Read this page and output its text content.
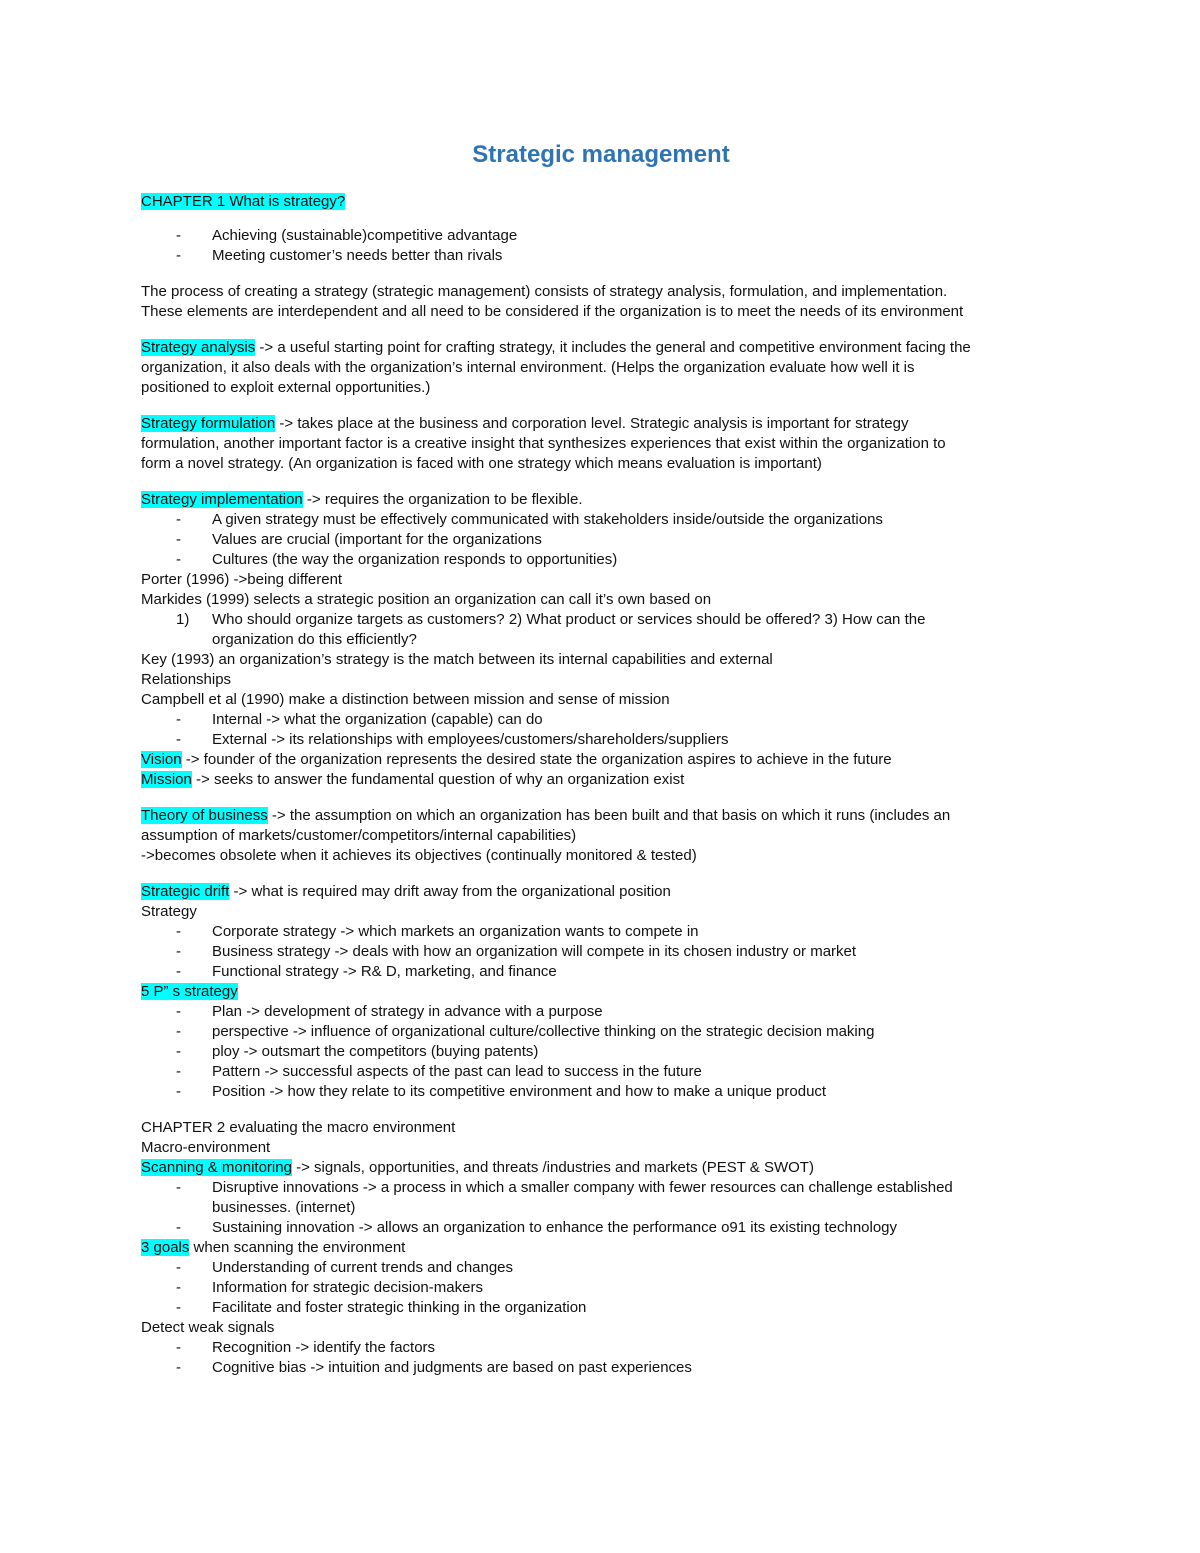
Strategic management
CHAPTER 1 What is strategy?
- Achieving (sustainable)competitive advantage
- Meeting customer’s needs better than rivals
The process of creating a strategy (strategic management) consists of strategy analysis, formulation, and implementation.
These elements are interdependent and all need to be considered if the organization is to meet the needs of its environment
Strategy analysis -> a useful starting point for crafting strategy, it includes the general and competitive environment facing the
organization, it also deals with the organization’s internal environment. (Helps the organization evaluate how well it is
positioned to exploit external opportunities.)
Strategy formulation -> takes place at the business and corporation level. Strategic analysis is important for strategy
formulation, another important factor is a creative insight that synthesizes experiences that exist within the organization to
form a novel strategy. (An organization is faced with one strategy which means evaluation is important)
Strategy implementation -> requires the organization to be flexible.
- A given strategy must be effectively communicated with stakeholders inside/outside the organizations
- Values are crucial (important for the organizations
- Cultures (the way the organization responds to opportunities)
Porter (1996) ->being different
Markides (1999) selects a strategic position an organization can call it’s own based on
1) Who should organize targets as customers? 2) What product or services should be offered? 3) How can the
organization do this efficiently?
Key (1993) an organization’s strategy is the match between its internal capabilities and external
Relationships
Campbell et al (1990) make a distinction between mission and sense of mission
- Internal -> what the organization (capable) can do
- External -> its relationships with employees/customers/shareholders/suppliers
Vision -> founder of the organization represents the desired state the organization aspires to achieve in the future
Mission -> seeks to answer the fundamental question of why an organization exist
Theory of business -> the assumption on which an organization has been built and that basis on which it runs (includes an
assumption of markets/customer/competitors/internal capabilities)
->becomes obsolete when it achieves its objectives (continually monitored & tested)
Strategic drift -> what is required may drift away from the organizational position
Strategy
- Corporate strategy -> which markets an organization wants to compete in
- Business strategy -> deals with how an organization will compete in its chosen industry or market
- Functional strategy -> R& D, marketing, and finance
5 P” s strategy
- Plan -> development of strategy in advance with a purpose
- perspective -> influence of organizational culture/collective thinking on the strategic decision making
- ploy -> outsmart the competitors (buying patents)
- Pattern -> successful aspects of the past can lead to success in the future
- Position -> how they relate to its competitive environment and how to make a unique product
CHAPTER 2 evaluating the macro environment
Macro-environment
Scanning & monitoring -> signals, opportunities, and threats /industries and markets (PEST & SWOT)
- Disruptive innovations -> a process in which a smaller company with fewer resources can challenge established
businesses. (internet)
- Sustaining innovation -> allows an organization to enhance the performance o91 its existing technology
3 goals when scanning the environment
- Understanding of current trends and changes
- Information for strategic decision-makers
- Facilitate and foster strategic thinking in the organization
Detect weak signals
- Recognition -> identify the factors
- Cognitive bias -> intuition and judgments are based on past experiences
